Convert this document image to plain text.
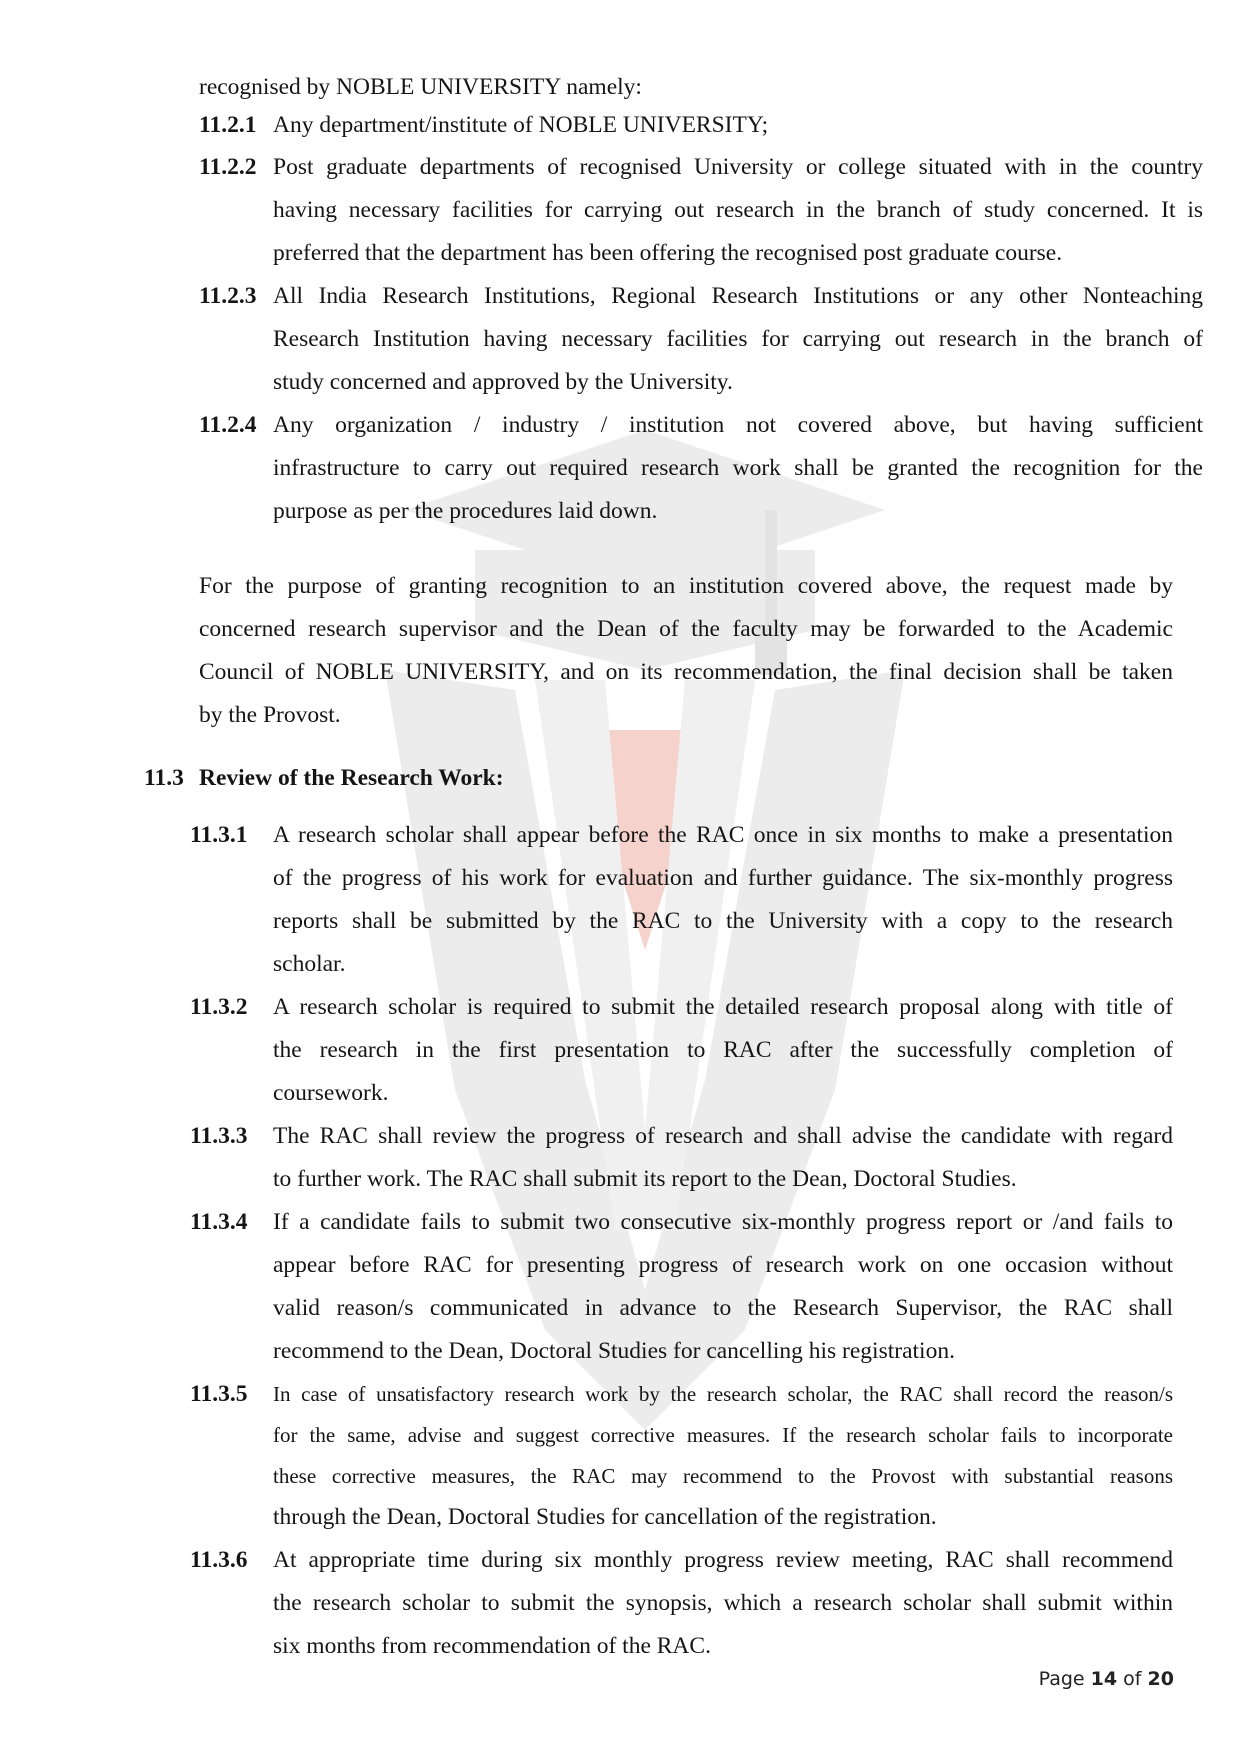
recognised by NOBLE UNIVERSITY namely:
11.2.1 Any department/institute of NOBLE UNIVERSITY;
11.2.2 Post graduate departments of recognised University or college situated with in the country
having necessary facilities for carrying out research in the branch of study concerned. It is
preferred that the department has been offering the recognised post graduate course.
11.2.3 All India Research Institutions, Regional Research Institutions or any other Nonteaching
Research Institution having necessary facilities for carrying out research in the branch of
study concerned and approved by the University.
11.2.4 Any organization / industry / institution not covered above, but having sufficient
infrastructure to carry out required research work shall be granted the recognition for the
purpose as per the procedures laid down.
For the purpose of granting recognition to an institution covered above, the request made by
concerned research supervisor and the Dean of the faculty may be forwarded to the Academic
Council of NOBLE UNIVERSITY, and on its recommendation, the final decision shall be taken
by the Provost.
11.3 Review of the Research Work:
11.3.1 A research scholar shall appear before the RAC once in six months to make a presentation
of the progress of his work for evaluation and further guidance. The six-monthly progress
reports shall be submitted by the RAC to the University with a copy to the research
scholar.
11.3.2 A research scholar is required to submit the detailed research proposal along with title of
the research in the first presentation to RAC after the successfully completion of
coursework.
11.3.3 The RAC shall review the progress of research and shall advise the candidate with regard
to further work. The RAC shall submit its report to the Dean, Doctoral Studies.
11.3.4 If a candidate fails to submit two consecutive six-monthly progress report or /and fails to
appear before RAC for presenting progress of research work on one occasion without
valid reason/s communicated in advance to the Research Supervisor, the RAC shall
recommend to the Dean, Doctoral Studies for cancelling his registration.
11.3.5 In case of unsatisfactory research work by the research scholar, the RAC shall record the reason/s
for the same, advise and suggest corrective measures. If the research scholar fails to incorporate
these corrective measures, the RAC may recommend to the Provost with substantial reasons
through the Dean, Doctoral Studies for cancellation of the registration.
11.3.6 At appropriate time during six monthly progress review meeting, RAC shall recommend
the research scholar to submit the synopsis, which a research scholar shall submit within
six months from recommendation of the RAC.
Page 14 of 20
